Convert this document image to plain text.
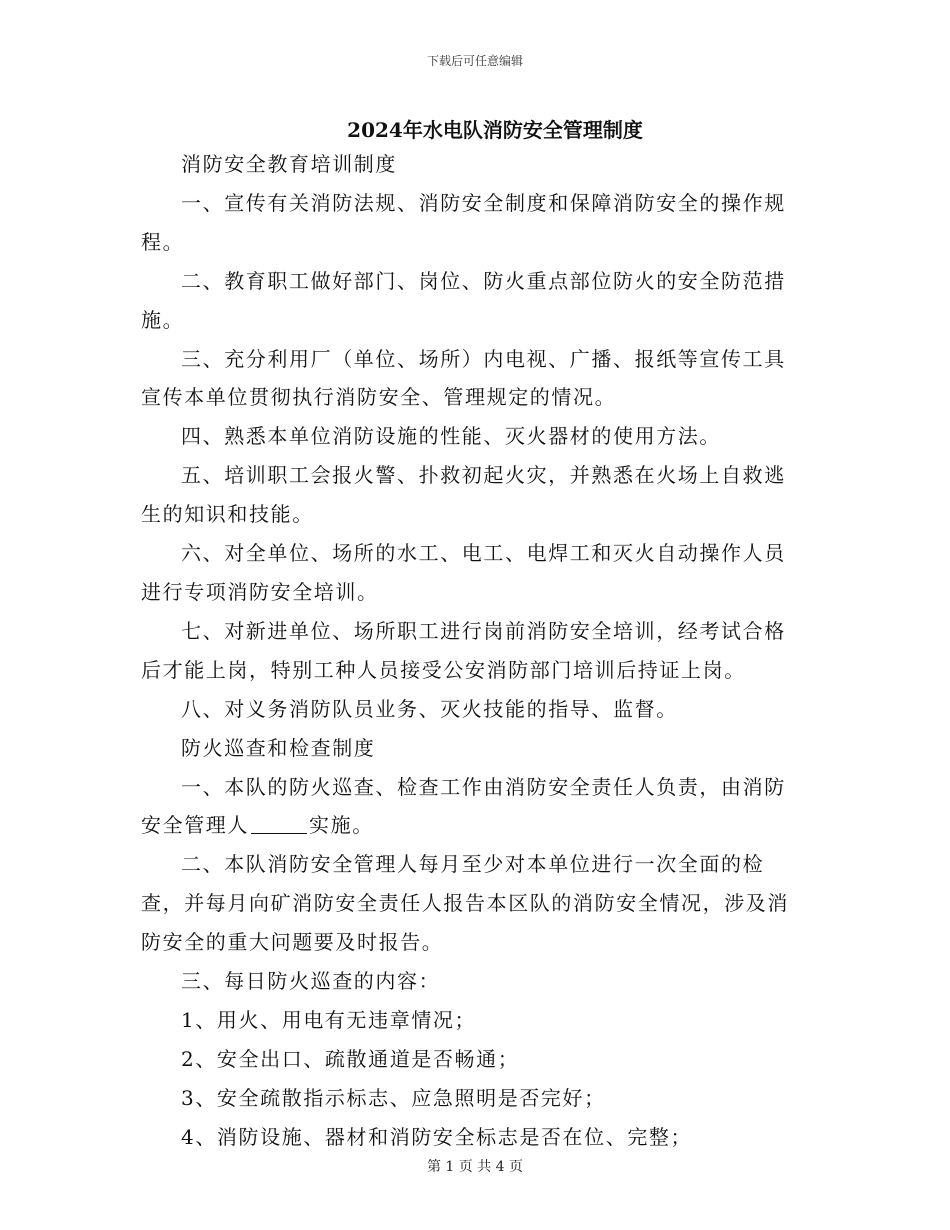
下载后可任意编辑
2024年水电队消防安全管理制度

消防安全教育培训制度

一、宣传有关消防法规、消防安全制度和保障消防安全的操作规程。

二、教育职工做好部门、岗位、防火重点部位防火的安全防范措施。

三、充分利用厂（单位、场所）内电视、广播、报纸等宣传工具宣传本单位贯彻执行消防安全、管理规定的情况。

四、熟悉本单位消防设施的性能、灭火器材的使用方法。

五、培训职工会报火警、扑救初起火灾，并熟悉在火场上自救逃生的知识和技能。

六、对全单位、场所的水工、电工、电焊工和灭火自动操作人员进行专项消防安全培训。

七、对新进单位、场所职工进行岗前消防安全培训，经考试合格后才能上岗，特别工种人员接受公安消防部门培训后持证上岗。

八、对义务消防队员业务、灭火技能的指导、监督。

防火巡查和检查制度

一、本队的防火巡查、检查工作由消防安全责任人负责，由消防安全管理人	实施。

二、本队消防安全管理人每月至少对本单位进行一次全面的检查，并每月向矿消防安全责任人报告本区队的消防安全情况，涉及消防安全的重大问题要及时报告。

三、每日防火巡查的内容：

1、用火、用电有无违章情况；

2、安全出口、疏散通道是否畅通；

3、安全疏散指示标志、应急照明是否完好；

4、消防设施、器材和消防安全标志是否在位、完整；

第 1 页 共 4 页
